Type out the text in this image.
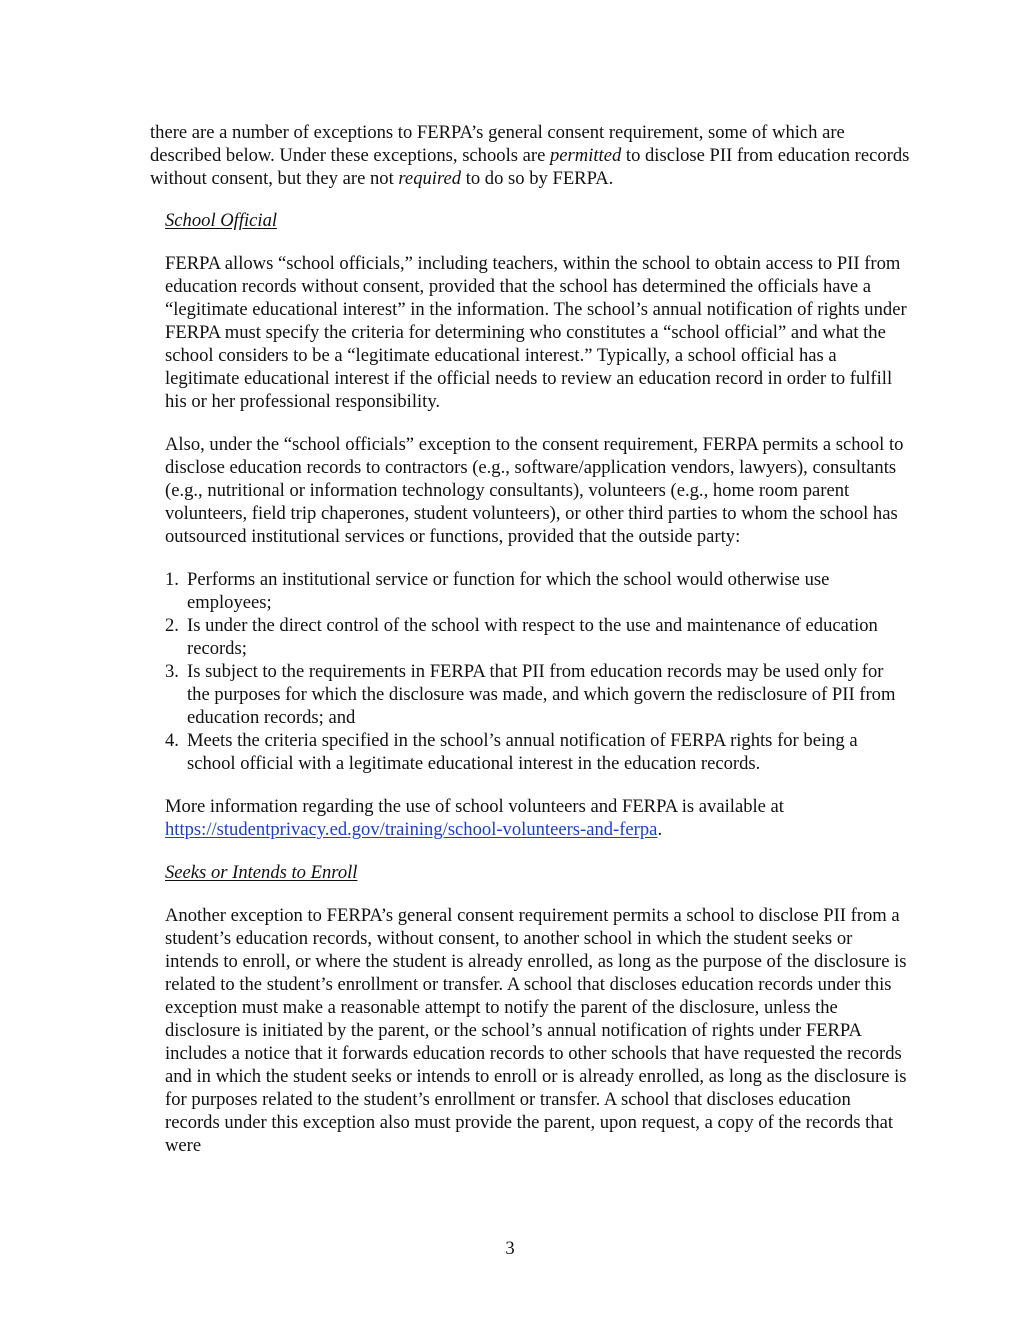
there are a number of exceptions to FERPA’s general consent requirement, some of which are described below. Under these exceptions, schools are permitted to disclose PII from education records without consent, but they are not required to do so by FERPA.

School Official

FERPA allows “school officials,” including teachers, within the school to obtain access to PII from education records without consent, provided that the school has determined the officials have a “legitimate educational interest” in the information. The school’s annual notification of rights under FERPA must specify the criteria for determining who constitutes a “school official” and what the school considers to be a “legitimate educational interest.” Typically, a school official has a legitimate educational interest if the official needs to review an education record in order to fulfill his or her professional responsibility.

Also, under the “school officials” exception to the consent requirement, FERPA permits a school to disclose education records to contractors (e.g., software/application vendors, lawyers), consultants (e.g., nutritional or information technology consultants), volunteers (e.g., home room parent volunteers, field trip chaperones, student volunteers), or other third parties to whom the school has outsourced institutional services or functions, provided that the outside party:

1. Performs an institutional service or function for which the school would otherwise use employees;
2. Is under the direct control of the school with respect to the use and maintenance of education records;
3. Is subject to the requirements in FERPA that PII from education records may be used only for the purposes for which the disclosure was made, and which govern the redisclosure of PII from education records; and
4. Meets the criteria specified in the school’s annual notification of FERPA rights for being a school official with a legitimate educational interest in the education records.

More information regarding the use of school volunteers and FERPA is available at https://studentprivacy.ed.gov/training/school-volunteers-and-ferpa.

Seeks or Intends to Enroll

Another exception to FERPA’s general consent requirement permits a school to disclose PII from a student’s education records, without consent, to another school in which the student seeks or intends to enroll, or where the student is already enrolled, as long as the purpose of the disclosure is related to the student’s enrollment or transfer. A school that discloses education records under this exception must make a reasonable attempt to notify the parent of the disclosure, unless the disclosure is initiated by the parent, or the school’s annual notification of rights under FERPA includes a notice that it forwards education records to other schools that have requested the records and in which the student seeks or intends to enroll or is already enrolled, as long as the disclosure is for purposes related to the student’s enrollment or transfer. A school that discloses education records under this exception also must provide the parent, upon request, a copy of the records that were

3
